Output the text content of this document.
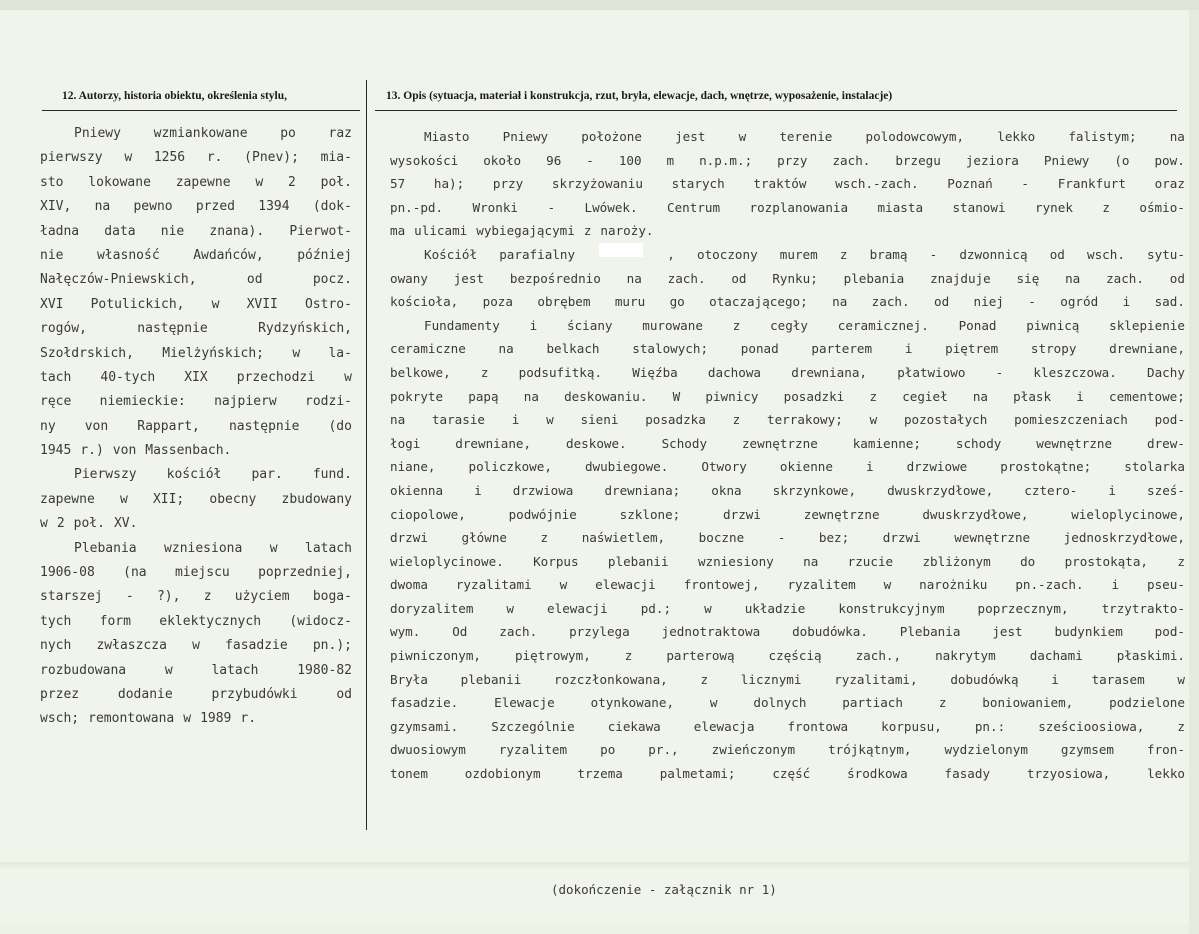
12. Autorzy, historia obiektu, określenia stylu,	13. Opis (sytuacja, materiał i konstrukcja, rzut, bryła, elewacje, dach, wnętrze, wyposażenie, instalacje)
Pniewy	wzmiankowane	po	raz
pierwszy w 1256 r. (Pnev); mia-
sto lokowane zapewne w 2 poł.
XIV, na pewno przed 1394 (dok-
ładna data nie znana). Pierwot-
nie	własność	Awdańców,	później
Nałęczów-Pniewskich,	od	pocz.
XVI Potulickich, w XVII Ostro-
rogów,	następnie	Rydzyńskich,
Szołdrskich, Mielżyńskich; w la-
tach 40-tych XIX przechodzi w
ręce niemieckie: najpierw rodzi-
ny von Rappart, następnie (do
1945 r.) von Massenbach.
Pierwszy kościół par. fund.
zapewne w XII; obecny zbudowany
w 2 poł. XV.
Plebania wzniesiona w latach
1906-08 (na miejscu poprzedniej,
starszej - ?), z użyciem boga-
tych form eklektycznych (widocz-
nych zwłaszcza w fasadzie pn.);
rozbudowana	w	latach	1980-82
przez	dodanie	przybudówki	od
wsch; remontowana w 1989 r.
Miasto	Pniewy	położone	jest	w	terenie	polodowcowym,	lekko	falistym;	na
wysokości około 96 - 100 m n.p.m.; przy zach. brzegu jeziora Pniewy (o pow.
57 ha); przy skrzyżowaniu starych traktów wsch.-zach. Poznań - Frankfurt oraz
pn.-pd. Wronki - Lwówek. Centrum rozplanowania miasta stanowi rynek z ośmio-
ma ulicami wybiegającymi z naroży.
Kościół parafialny	, otoczony murem z bramą - dzwonnicą od wsch. sytu-
owany jest bezpośrednio na zach. od Rynku; plebania znajduje się na zach. od
kościoła, poza obrębem muru go otaczającego; na zach. od niej - ogród i sad.
Fundamenty i ściany murowane z cegły ceramicznej. Ponad piwnicą sklepienie
ceramiczne	na	belkach	stalowych;	ponad	parterem	i	piętrem	stropy	drewniane,
belkowe, z podsufitką. Więźba dachowa drewniana, płatwiowo - kleszczowa. Dachy
pokryte papą na deskowaniu. W piwnicy posadzki z cegieł na płask i cementowe;
na tarasie i w sieni posadzka z terrakowy; w pozostałych pomieszczeniach pod-
łogi	drewniane,	deskowe.	Schody	zewnętrzne	kamienne;	schody	wewnętrzne	drew-
niane,	policzkowe,	dwubiegowe.	Otwory	okienne	i	drzwiowe	prostokątne;	stolarka
okienna i drzwiowa drewniana; okna skrzynkowe, dwuskrzydłowe, cztero- i sześ-
ciopolowe,	podwójnie	szklone;	drzwi	zewnętrzne	dwuskrzydłowe,	wieloplycinowe,
drzwi	główne	z	naświetlem,	boczne	-	bez;	drzwi	wewnętrzne	jednoskrzydłowe,
wieloplycinowe. Korpus plebanii wzniesiony na rzucie zbliżonym do prostokąta, z
dwoma ryzalitami w elewacji frontowej, ryzalitem w narożniku pn.-zach. i pseu-
doryzalitem	w	elewacji	pd.;	w	układzie	konstrukcyjnym	poprzecznym,	trzytrakto-
wym.	Od	zach.	przylega	jednotraktowa	dobudówka.	Plebania	jest	budynkiem	pod-
piwniczonym,	piętrowym,	z	parterową	częścią	zach.,	nakrytym	dachami	płaskimi.
Bryła	plebanii	rozczłonkowana,	z	licznymi	ryzalitami,	dobudówką	i	tarasem	w
fasadzie.	Elewacje	otynkowane,	w	dolnych	partiach	z	boniowaniem,	podzielone
gzymsami.	Szczególnie	ciekawa	elewacja	frontowa	korpusu,	pn.:	sześcioosiowa,	z
dwuosiowym	ryzalitem	po	pr.,	zwieńczonym	trójkątnym,	wydzielonym	gzymsem	fron-
tonem	ozdobionym	trzema	palmetami;	część	środkowa	fasady	trzyosiowa,	lekko
(dokończenie - załącznik nr 1)
